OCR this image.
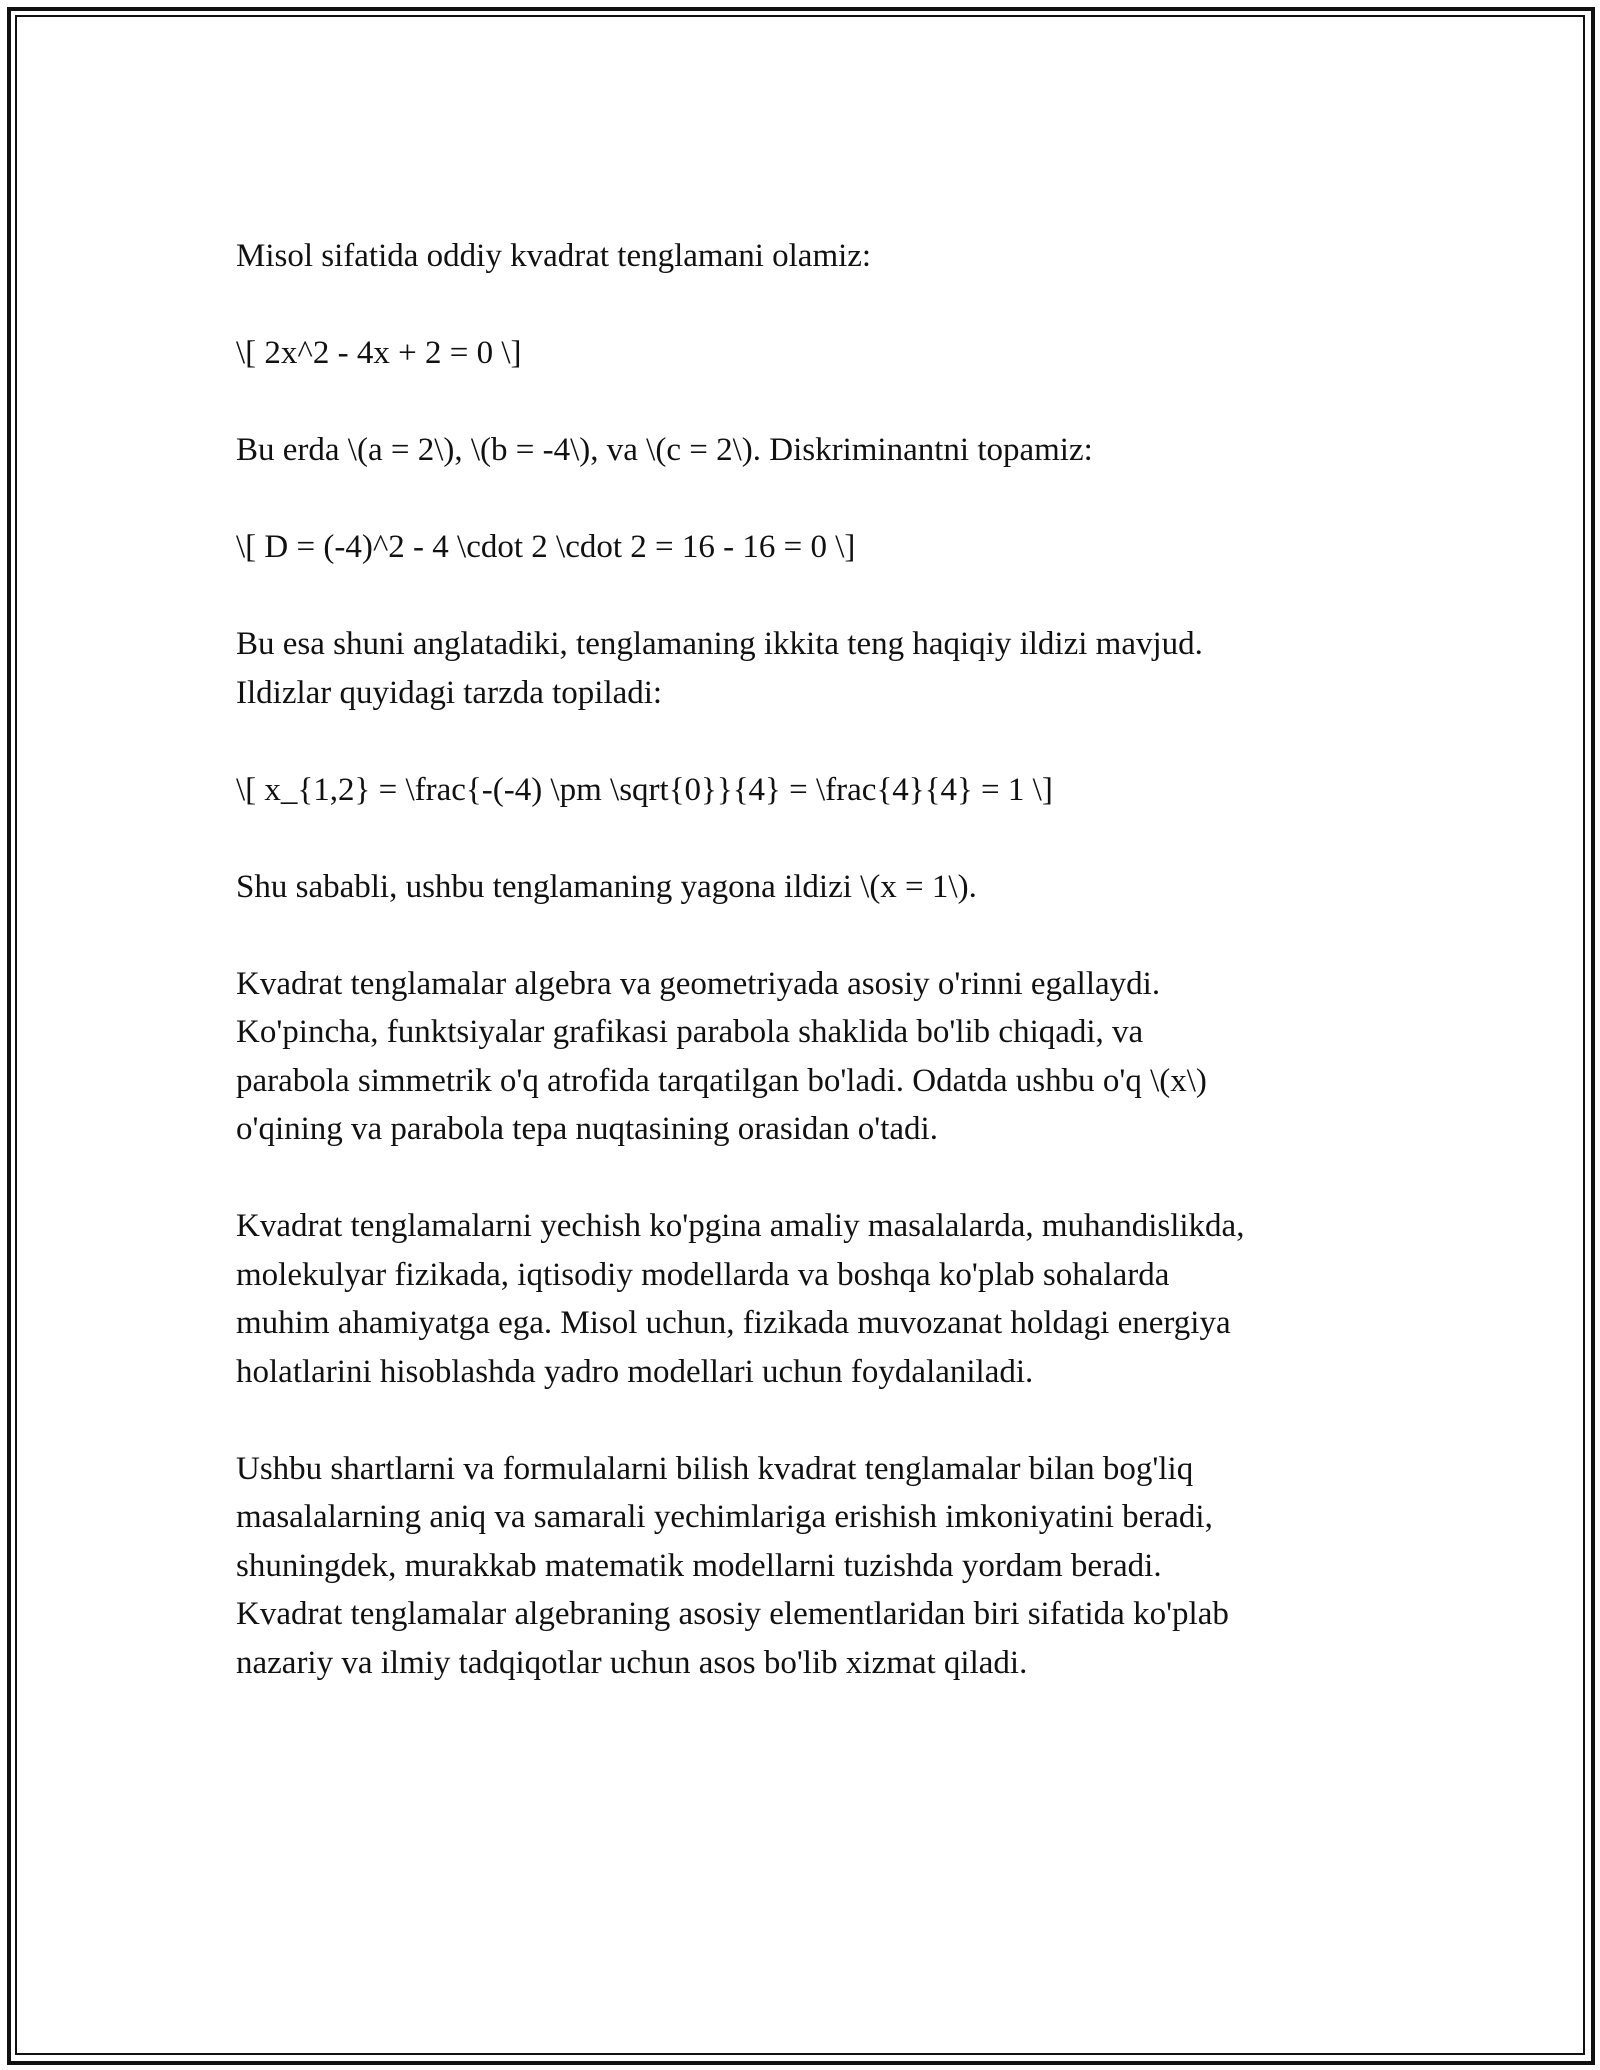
Misol sifatida oddiy kvadrat tenglamani olamiz:

\[ 2x^2 - 4x + 2 = 0 \]

Bu erda \(a = 2\), \(b = -4\), va \(c = 2\). Diskriminantni topamiz:

\[ D = (-4)^2 - 4 \cdot 2 \cdot 2 = 16 - 16 = 0 \]

Bu esa shuni anglatadiki, tenglamaning ikkita teng haqiqiy ildizi mavjud.
Ildizlar quyidagi tarzda topiladi:

\[ x_{1,2} = \frac{-(-4) \pm \sqrt{0}}{4} = \frac{4}{4} = 1 \]

Shu sababli, ushbu tenglamaning yagona ildizi \(x = 1\).

Kvadrat tenglamalar algebra va geometriyada asosiy o'rinni egallaydi.
Ko'pincha, funktsiyalar grafikasi parabola shaklida bo'lib chiqadi, va
parabola simmetrik o'q atrofida tarqatilgan bo'ladi. Odatda ushbu o'q \(x\)
o'qining va parabola tepa nuqtasining orasidan o'tadi.

Kvadrat tenglamalarni yechish ko'pgina amaliy masalalarda, muhandislikda,
molekulyar fizikada, iqtisodiy modellarda va boshqa ko'plab sohalarda
muhim ahamiyatga ega. Misol uchun, fizikada muvozanat holdagi energiya
holatlarini hisoblashda yadro modellari uchun foydalaniladi.

Ushbu shartlarni va formulalarni bilish kvadrat tenglamalar bilan bog'liq
masalalarning aniq va samarali yechimlariga erishish imkoniyatini beradi,
shuningdek, murakkab matematik modellarni tuzishda yordam beradi.
Kvadrat tenglamalar algebraning asosiy elementlaridan biri sifatida ko'plab
nazariy va ilmiy tadqiqotlar uchun asos bo'lib xizmat qiladi.
